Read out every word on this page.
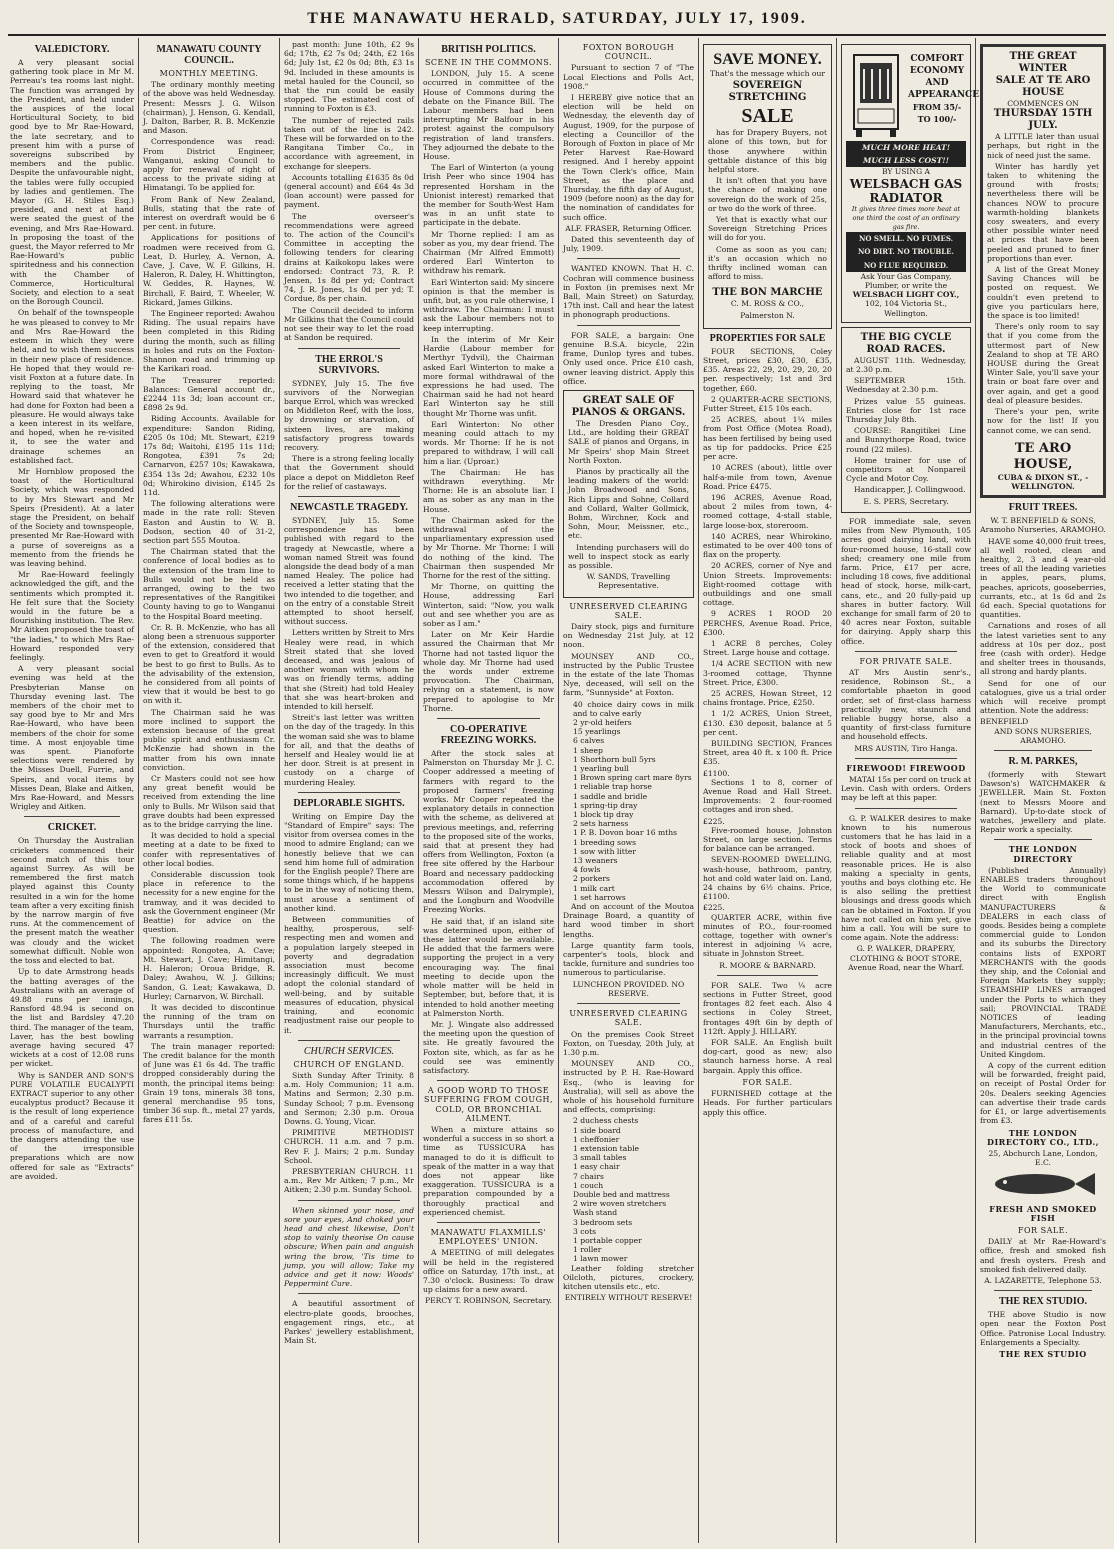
THE MANAWATU HERALD, SATURDAY, JULY 17, 1909.
VALEDICTORY.

A very pleasant social gathering took place in Mr M. Perreau's tea rooms last night. The function was arranged by the President, and held under the auspices of the local Horticultural Society, to bid good bye to Mr Rae-Howard, the late secretary, and to present him with a purse of sovereigns subscribed by members and the public. Despite the unfavourable night, the tables were fully occupied by ladies and gentlemen. The Mayor (G. H. Stiles Esq.) presided, and next at hand were seated the guest of the evening, and Mrs Rae-Howard. In proposing the toast of the guest, the Mayor referred to Mr Rae-Howard's public spiritedness and his connection with the Chamber of Commerce, Horticultural Society, and election to a seat on the Borough Council.

On behalf of the townspeople he was pleased to convey to Mr and Mrs Rae-Howard the esteem in which they were held, and to wish them success in their new place of residence. He hoped that they would re-visit Foxton at a future date. In replying to the toast, Mr Howard said that whatever he had done for Foxton had been a pleasure. He would always take a keen interest in its welfare, and hoped, when he re-visited it, to see the water and drainage schemes an established fact.

Mr Hornblow proposed the toast of the Horticultural Society, which was responded to by Mrs Stewart and Mr Speirs (President). At a later stage the President, on behalf of the Society and townspeople, presented Mr Rae-Howard with a purse of sovereigns as a memento from the friends he was leaving behind.

Mr Rae-Howard feelingly acknowledged the gift, and the sentiments which prompted it. He felt sure that the Society would in the future be a flourishing institution. The Rev. Mr Aitken proposed the toast of "the ladies," to which Mrs Rae-Howard responded very feelingly.

A very pleasant social evening was held at the Presbyterian Manse on Thursday evening last. The members of the choir met to say good bye to Mr and Mrs Rae-Howard, who have been members of the choir for some time. A most enjoyable time was spent. Pianoforte selections were rendered by the Misses Duell, Furrie, and Speirs, and vocal items by Misses Dean, Blake and Aitken, Mrs Rae-Howard, and Messrs Wrigley and Aitken.

CRICKET.

On Thursday the Australian cricketers commenced their second match of this tour against Surrey. As will be remembered the first match played against this County resulted in a win for the home team after a very exciting finish by the narrow margin of five runs. At the commencement of the present match the weather was cloudy and the wicket somewhat difficult. Noble won the toss and elected to bat.

Up to date Armstrong heads the batting averages of the Australians with an average of 49.88 runs per innings, Ransford 48.94 is second on the list and Bardsley 47.20 third. The manager of the team, Laver, has the best bowling average having secured 47 wickets at a cost of 12.08 runs per wicket.

Why is SANDER AND SON'S PURE VOLATILE EUCALYPTI EXTRACT superior to any other eucalyptus product? Because it is the result of long experience and of a careful and careful process of manufacture, and the dangers attending the use of the irresponsible preparations which are now offered for sale as "Extracts" are avoided.

MANAWATU COUNTY COUNCIL.
MONTHLY MEETING.

The ordinary monthly meeting of the above was held Wednesday. Present: Messrs J. G. Wilson (chairman), J. Henson, G. Kendall, J. Dalton, Barber, R. B. McKenzie and Mason.

Correspondence was read: From District Engineer, Wanganui, asking Council to apply for renewal of right of access to the private siding at Himatangi. To be applied for.

From Bank of New Zealand, Bulls, stating that the rate of interest on overdraft would be 6 per cent. in future.

Applications for positions of roadmen were received from G. Leat, D. Hurley, A. Vernon, A. Cave, J. Cave, W. F. Gilkins, H. Haleron, R. Daley, H. Whittington, W. Geddes, R. Haynes, W. Birchall, F. Baird, T. Wheeler, W. Rickard, James Gilkins.

The Engineer reported: Awahou Riding. The usual repairs have been completed in this Riding during the month, such as filling in holes and ruts on the Foxton-Shannon road and trimming up the Karikari road.

The Treasurer reported: Balances: General account dr., £2244 11s 3d; loan account cr., £898 2s 9d.

Riding Accounts. Available for expenditure: Sandon Riding, £205 0s 10d; Mt. Stewart, £219 17s 8d; Waitohi, £195 11s 11d; Rongotea, £391 7s 2d; Carnarvon, £257 10s; Kawakawa, £354 13s 2d; Awahou, £232 10s 0d; Whirokino division, £145 2s 11d.

The following alterations were made in the rate roll: Steven Easton and Austin to W. B. Dodson, section 40 of 31-2, section part 555 Moutoa.

The Chairman stated that the conference of local bodies as to the extension of the tram line to Bulls would not be held as arranged, owing to the two representatives of the Rangitikei County having to go to Wanganui to the Hospital Board meeting.

Cr. R. B. McKenzie, who has all along been a strenuous supporter of the extension, considered that even to get to Greatford it would be best to go first to Bulls. As to the advisability of the extension, he considered from all points of view that it would be best to go on with it.

The Chairman said he was more inclined to support the extension because of the great public spirit and enthusiasm Cr. McKenzie had shown in the matter from his own innate conviction.

Cr Masters could not see how any great benefit would be received from extending the line only to Bulls. Mr Wilson said that grave doubts had been expressed as to the bridge carrying the line.

It was decided to hold a special meeting at a date to be fixed to confer with representatives of other local bodies.

Considerable discussion took place in reference to the necessity for a new engine for the tramway, and it was decided to ask the Government engineer (Mr Beattie) for advice on the question.

The following roadmen were appointed: Rongotea, A. Cave; Mt. Stewart, J. Cave; Himitangi, H. Haleron; Oroua Bridge, R. Daley; Awahou, W. J. Gilkins; Sandon, G. Leat; Kawakawa, D. Hurley; Carnarvon, W. Birchall.

It was decided to discontinue the running of the tram on Thursdays until the traffic warrants a resumption.

The train manager reported: The credit balance for the month of June was £1 6s 4d. The traffic dropped considerably during the month, the principal items being: Grain 19 tons, minerals 38 tons, general merchandise 95 tons, timber 36 sup. ft., metal 27 yards, fares £11 5s.

past month: June 10th, £2 9s 6d; 17th, £2 7s 0d; 24th, £2 16s 6d; July 1st, £2 0s 0d; 8th, £3 1s 9d. Included in these amounts is metal hauled for the Council, so that the run could be easily stopped. The estimated cost of running to Foxton is £3.

The number of rejected rails taken out of the line is 242. These will be forwarded on to the Rangitana Timber Co., in accordance with agreement, in exchange for sleepers.

Accounts totalling £1635 8s 0d (general account) and £64 4s 3d (loan account) were passed for payment.

The overseer's recommendations were agreed to. The action of the Council's Committee in accepting the following tenders for clearing drains at Kaikokopu lakes were endorsed: Contract 73, R. P. Jensen, 1s 8d per yd; Contract 74, J. R. Jones, 1s 0d per yd; T. Cordue, 8s per chain.

The Council decided to inform Mr Gilkins that the Council could not see their way to let the road at Sandon be required.

THE ERROL'S SURVIVORS.

SYDNEY, July 15. The five survivors of the Norwegian barque Errol, which was wrecked on Middleton Reef, with the loss, by drowning or starvation, of sixteen lives, are making satisfactory progress towards recovery.

There is a strong feeling locally that the Government should place a depot on Middleton Reef for the relief of castaways.

NEWCASTLE TRAGEDY.

SYDNEY, July 15. Some correspondence has been published with regard to the tragedy at Newcastle, where a woman named Streit was found alongside the dead body of a man named Healey. The police had received a letter stating that the two intended to die together, and on the entry of a constable Streit attempted to shoot herself, without success.

Letters written by Streit to Mrs Healey were read, in which Streit stated that she loved deceased, and was jealous of another woman with whom he was on friendly terms, adding that she (Streit) had told Healey that she was heart-broken and intended to kill herself.

Streit's last letter was written on the day of the tragedy. In this the woman said she was to blame for all, and that the deaths of herself and Healey would lie at her door. Streit is at present in custody on a charge of murdering Healey.

DEPLORABLE SIGHTS.

Writing on Empire Day the "Standard of Empire" says: The visitor from oversea comes in the mood to admire England; can we honestly believe that we can send him home full of admiration for the English people? There are some things which, if he happens to be in the way of noticing them, must arouse a sentiment of another kind.

Between communities of healthy, prosperous, self-respecting men and women and a population largely steeped in poverty and degradation association must become increasingly difficult. We must adopt the colonial standard of well-being, and by suitable measures of education, physical training, and economic readjustment raise our people to it.

CHURCH SERVICES.
CHURCH OF ENGLAND.

Sixth Sunday After Trinity. 8 a.m. Holy Communion; 11 a.m. Matins and Sermon; 2.30 p.m. Sunday School; 7 p.m. Evensong and Sermon; 2.30 p.m. Oroua Downs. G. Young, Vicar.

PRIMITIVE METHODIST CHURCH. 11 a.m. and 7 p.m. Rev F. J. Mairs; 2 p.m. Sunday School.

PRESBYTERIAN CHURCH. 11 a.m., Rev Mr Aitken; 7 p.m., Mr Aitken; 2.30 p.m. Sunday School.

When skinned your nose, and sore your eyes, And choked your head and chest likewise, Don't stop to vainly theorise On cause obscure; When pain and anguish wring the brow, 'Tis time to jump, you will allow; Take my advice and get it now: Woods' Peppermint Cure.

A beautiful assortment of electro-plate goods, brooches, engagement rings, etc., at Parkes' jewellery establishment, Main St.

BRITISH POLITICS.
SCENE IN THE COMMONS.

LONDON, July 15. A scene occurred in committee of the House of Commons during the debate on the Finance Bill. The Labour members had been interrupting Mr Balfour in his protest against the compulsory registration of land transfers. They adjourned the debate to the House.

The Earl of Winterton (a young Irish Peer who since 1904 has represented Horsham in the Unionist interest) remarked that the member for South-West Ham was in an unfit state to participate in the debate.

Mr Thorne replied: I am as sober as you, my dear friend. The Chairman (Mr Alfred Emmott) ordered Earl Winterton to withdraw his remark.

Earl Winterton said: My sincere opinion is that the member is unfit, but, as you rule otherwise, I withdraw. The Chairman: I must ask the Labour members not to keep interrupting.

In the interim of Mr Keir Hardie (Labour member for Merthyr Tydvil), the Chairman asked Earl Winterton to make a more formal withdrawal of the expressions he had used. The Chairman said he had not heard Earl Winterton say he still thought Mr Thorne was unfit.

Earl Winterton: No other meaning could attach to my words. Mr Thorne: If he is not prepared to withdraw, I will call him a liar. (Uproar.)

The Chairman: He has withdrawn everything. Mr Thorne: He is an absolute liar. I am as sober as any man in the House.

The Chairman asked for the withdrawal of the unparliamentary expression used by Mr Thorne. Mr Thorne: I will do nothing of the kind. The Chairman then suspended Mr Thorne for the rest of the sitting.

Mr Thorne, on quitting the House, addressing Earl Winterton, said: "Now, you walk out and see whether you are as sober as I am."

Later on Mr Keir Hardie assured the Chairman that Mr Thorne had not tasted liquor the whole day. Mr Thorne had used the words under extreme provocation. The Chairman, relying on a statement, is now prepared to apologise to Mr Thorne.

CO-OPERATIVE FREEZING WORKS.

After the stock sales at Palmerston on Thursday Mr J. C. Cooper addressed a meeting of farmers with regard to the proposed farmers' freezing works. Mr Cooper repeated the explanatory details in connection with the scheme, as delivered at previous meetings, and, referring to the proposed site of the works, said that at present they had offers from Wellington, Foxton (a free site offered by the Harbour Board and necessary paddocking accommodation offered by Messrs Wilson and Dalrymple), and the Longburn and Woodville Freezing Works.

He said that, if an island site was determined upon, either of these latter would be available. He added that the farmers were supporting the project in a very encouraging way. The final meeting to decide upon the whole matter will be held in September, but, before that, it is intended to hold another meeting at Palmerston North.

Mr. J. Wingate also addressed the meeting upon the question of site. He greatly favoured the Foxton site, which, as far as he could see was eminently satisfactory.

A GOOD WORD TO THOSE SUFFERING FROM COUGH, COLD, OR BRONCHIAL AILMENT.

When a mixture attains so wonderful a success in so short a time as TUSSICURA has managed to do it is difficult to speak of the matter in a way that does not appear like exaggeration. TUSSICURA is a preparation compounded by a thoroughly practical and experienced chemist.

MANAWATU FLAXMILLS' EMPLOYEES' UNION.

A MEETING of mill delegates will be held in the registered office on Saturday, 17th inst., at 7.30 o'clock. Business: To draw up claims for a new award.

PERCY T. ROBINSON, Secretary.

FOXTON BOROUGH COUNCIL.

Pursuant to section 7 of "The Local Elections and Polls Act, 1908."

I HEREBY give notice that an election will be held on Wednesday, the eleventh day of August, 1909, for the purpose of electing a Councillor of the Borough of Foxton in place of Mr Peter Harvest Rae-Howard resigned. And I hereby appoint the Town Clerk's office, Main Street, as the place and Thursday, the fifth day of August, 1909 (before noon) as the day for the nomination of candidates for such office.

ALF. FRASER, Returning Officer.

Dated this seventeenth day of July, 1909.

WANTED KNOWN. That H. C. Cochran will commence business in Foxton (in premises next Mr Ball, Main Street) on Saturday, 17th inst. Call and hear the latest in phonograph productions.

FOR SALE, a bargain: One genuine B.S.A. bicycle, 22in frame, Dunlop tyres and tubes. Only used once. Price £10 cash, owner leaving district. Apply this office.

GREAT SALE OF PIANOS & ORGANS.

The Dresden Piano Coy., Ltd., are holding their GREAT SALE of pianos and Organs, in Mr Speirs' shop Main Street North Foxton.

Pianos by practically all the leading makers of the world: John Broadwood and Sons, Rich Lipps and Sohne, Collard and Collard, Walter Gollmick, Bohm, Wirchner, Kock and Sohn, Mour, Meissner, etc., etc.

Intending purchasers will do well to inspect stock as early as possible.

W. SANDS, Travelling Representative.

UNRESERVED CLEARING SALE.

Dairy stock, pigs and furniture on Wednesday 21st July, at 12 noon.

MOUNSEY AND CO., instructed by the Public Trustee in the estate of the late Thomas Nye, deceased, will sell on the farm, "Sunnyside" at Foxton.

40 choice dairy cows in milk and to calve early
2 yr-old heifers
15 yearlings
6 calves
1 sheep
1 Shorthorn bull 5yrs
1 yearling bull
1 Brown spring cart mare 8yrs
1 reliable trap horse
1 saddle and bridle
1 spring-tip dray
1 block tip dray
2 sets harness
1 P. B. Dovon boar 16 mths
1 breeding sows
1 sow with litter
13 weaners
4 fowls
2 porkers
1 milk cart
1 set harrows

And on account of the Moutoa Drainage Board, a quantity of hard wood timber in short lengths.

Large quantity farm tools, carpenter's tools, block and tackle, furniture and sundries too numerous to particularise.

LUNCHEON PROVIDED. NO RESERVE.

UNRESERVED CLEARING SALE.

On the premises Cook Street Foxton, on Tuesday, 20th July, at 1.30 p.m.

MOUNSEY AND CO., instructed by P. H. Rae-Howard Esq., (who is leaving for Australia), will sell as above the whole of his household furniture and effects, comprising:

2 duchess chests
1 side board
1 cheffonier
1 extension table
3 small tables
1 easy chair
7 chairs
1 couch
Double bed and mattress
2 wire woven stretchers
Wash stand
3 bedroom sets
3 cots
1 portable copper
1 roller
1 lawn mower

Leather folding stretcher Oilcloth, pictures, crockery, kitchen utensils etc., etc.

ENTIRELY WITHOUT RESERVE!

SAVE MONEY.

That's the message which our

SOVEREIGN
STRETCHING
SALE

has for Drapery Buyers, not alone of this town, but for those anywhere within gettable distance of this big helpful store.

It isn't often that you have the chance of making one sovereign do the work of 25s, or two do the work of three.

Yet that is exactly what our Sovereign Stretching Prices will do for you.

Come as soon as you can; it's an occasion which no thrifty inclined woman can afford to miss.

THE BON MARCHE

C. M. ROSS & CO.,

Palmerston N.

PROPERTIES FOR SALE

FOUR SECTIONS, Coley Street, prices £30, £30, £35, £35. Areas 22, 29, 20, 29, 20, 20 per. respectively; 1st and 3rd together, £60.

2 QUARTER-ACRE SECTIONS, Futter Street, £15 10s each.

25 ACRES, about 1¼ miles from Post Office (Motea Road), has been fertilised by being used as tip for paddocks. Price £25 per acre.

10 ACRES (about), little over half-a-mile from town, Avenue Road. Price £475.

196 ACRES, Avenue Road, about 2 miles from town, 4-roomed cottage, 4-stall stable, large loose-box, storeroom.

140 ACRES, near Whirokino, estimated to be over 400 tons of flax on the property.

20 ACRES, corner of Nye and Union Streets. Improvements: Eight-roomed cottage with outbuildings and one small cottage.

9 ACRES 1 ROOD 20 PERCHES, Avenue Road. Price, £300.

1 ACRE 8 perches, Coley Street. Large house and cottage.

1/4 ACRE SECTION with new 3-roomed cottage, Thynne Street. Price, £300.

25 ACRES, Howan Street, 12 chains frontage. Price, £250.

1 1/2 ACRES, Union Street, £130. £30 deposit, balance at 5 per cent.

BUILDING SECTION, Frances Street, area 40 ft. x 100 ft. Price £35.

£1100.

Sections 1 to 8, corner of Avenue Road and Hall Street. Improvements: 2 four-roomed cottages and iron shed.

£225.

Five-roomed house, Johnston Street, on large section. Terms for balance can be arranged.

SEVEN-ROOMED DWELLING, wash-house, bathroom, pantry, hot and cold water laid on. Land, 24 chains by 6½ chains. Price, £1100.

£225.

QUARTER ACRE, within five minutes of P.O., four-roomed cottage, together with owner's interest in adjoining ¼ acre, situate in Johnston Street.

R. MOORE & BARNARD.

FOR SALE. Two ¼ acre sections in Futter Street, good frontages 82 feet each. Also 4 sections in Coley Street, frontages 49ft 6in by depth of 112ft. Apply J. HILLARY.

FOR SALE. An English built dog-cart, good as new; also staunch harness horse. A real bargain. Apply this office.

FOR SALE.

FURNISHED cottage at the Heads. For further particulars apply this office.

COMFORT
ECONOMY
AND
APPEARANCE
FROM 35/-TO 100/-
MUCH MORE HEAT!
MUCH LESS COST!!
BY USING A
WELSBACH GAS RADIATOR
It gives three times more heat at one third the cost of an ordinary gas fire.
NO SMELL. NO FUMES.
NO DIRT. NO TROUBLE.
NO FLUE REQUIRED.
Ask Your Gas Company, Plumber, or write the
WELSBACH LIGHT COY.,
102, 104 Victoria St., Wellington.
THE BIG CYCLE ROAD RACES.

AUGUST 11th. Wednesday, at 2.30 p.m.

SEPTEMBER 15th. Wednesday at 2.30 p.m.

Prizes value 55 guineas. Entries close for 1st race Thursday July 8th.

COURSE: Rangitikei Line and Bunnythorpe Road, twice round (22 miles).

Home trainer for use of competitors at Nonpareil Cycle and Motor Coy.

Handicapper, J. Collingwood.

E. S. PERS, Secretary.

FOR immediate sale, seven miles from New Plymouth, 105 acres good dairying land, with four-roomed house, 16-stall cow shed; creamery one mile from farm. Price, £17 per acre, including 18 cows, five additional head of stock, horse, milk-cart, cans, etc., and 20 fully-paid up shares in butter factory. Will exchange for small farm of 20 to 40 acres near Foxton, suitable for dairying. Apply sharp this office.

FOR PRIVATE SALE.

AT Mrs Austin senr's., residence, Robinson St., a comfortable phaeton in good order, set of first-class harness practically new, staunch and reliable buggy horse, also a quantity of first-class furniture and household effects.

MRS AUSTIN, Tiro Hanga.

FIREWOOD! FIREWOOD

MATAI 15s per cord on truck at Levin. Cash with orders. Orders may be left at this paper.

G. P. WALKER desires to make known to his numerous customers that he has laid in a stock of boots and shoes of reliable quality and at most reasonable prices. He is also making a specialty in gents, youths and boys clothing etc. He is also selling the prettiest blousings and dress goods which can be obtained in Foxton. If you have not called on him yet, give him a call. You will be sure to come again. Note the address:

G. P. WALKER, DRAPERY, CLOTHING & BOOT STORE, Avenue Road, near the Wharf.

THE GREAT WINTER
SALE AT TE ARO HOUSE
COMMENCES ON
THURSDAY 15TH JULY.

A LITTLE later than usual perhaps, but right in the nick of need just the same.

Winter has hardly yet taken to whitening the ground with frosts; nevertheless there will be chances NOW to procure warmth-holding blankets cosy sweaters, and every other possible winter need at prices that have been peeled and pruned to finer proportions than ever.

A list of the Great Money Saving Chances will be posted on request. We couldn't even pretend to give you particulars here, the space is too limited!

There's only room to say that if you come from the uttermost part of New Zealand to shop at TE ARO HOUSE during the Great Winter Sale, you'll save your train or boat fare over and over again, and get a good deal of pleasure besides.

There's your pen, write now for the list! If you cannot come, we can send.

TE ARO HOUSE,
CUBA & DIXON ST., - WELLINGTON.
FRUIT TREES.

W. T. BENEFIELD & SONS, Aramoho Nurseries, ARAMOHO.

HAVE some 40,000 fruit trees, all well rooted, clean and healthy, 2, 3 and 4 year-old trees of all the leading varieties in apples, pears, plums, peaches, apricots, gooseberries, currants, etc., at 1s 6d and 2s 6d each. Special quotations for quantities.

Carnations and roses of all the latest varieties sent to any address at 10s per doz., post free (cash with order). Hedge and shelter trees in thousands, all strong and hardy plants.

Send for one of our catalogues, give us a trial order which will receive prompt attention. Note the address:

BENEFIELD

AND SONS NURSERIES, ARAMOHO.

R. M. PARKES,

(formerly with Stewart Dawson's) WATCHMAKER & JEWELLER. Main St. Foxton (next to Messrs Moore and Barnard). Up-to-date stock of watches, jewellery and plate. Repair work a specialty.

THE LONDON DIRECTORY

(Published Annually) ENABLES traders throughout the World to communicate direct with English MANUFACTURERS & DEALERS in each class of goods. Besides being a complete commercial guide to London and its suburbs the Directory contains lists of EXPORT MERCHANTS with the goods they ship, and the Colonial and Foreign Markets they supply; STEAMSHIP LINES arranged under the Ports to which they sail; PROVINCIAL TRADE NOTICES of leading Manufacturers, Merchants, etc., in the principal provincial towns and industrial centres of the United Kingdom.

A copy of the current edition will be forwarded, freight paid, on receipt of Postal Order for 20s. Dealers seeking Agencies can advertise their trade cards for £1, or large advertisements from £3.

THE LONDON DIRECTORY CO., LTD.,

25, Abchurch Lane, London, E.C.

FRESH AND SMOKED FISH
FOR SALE.

DAILY at Mr Rae-Howard's office, fresh and smoked fish and fresh oysters. Fresh and smoked fish delivered daily.

A. LAZARETTE, Telephone 53.

THE REX STUDIO.

THE above Studio is now open near the Foxton Post Office. Patronise Local Industry. Enlargements a Specialty.

THE REX STUDIO
